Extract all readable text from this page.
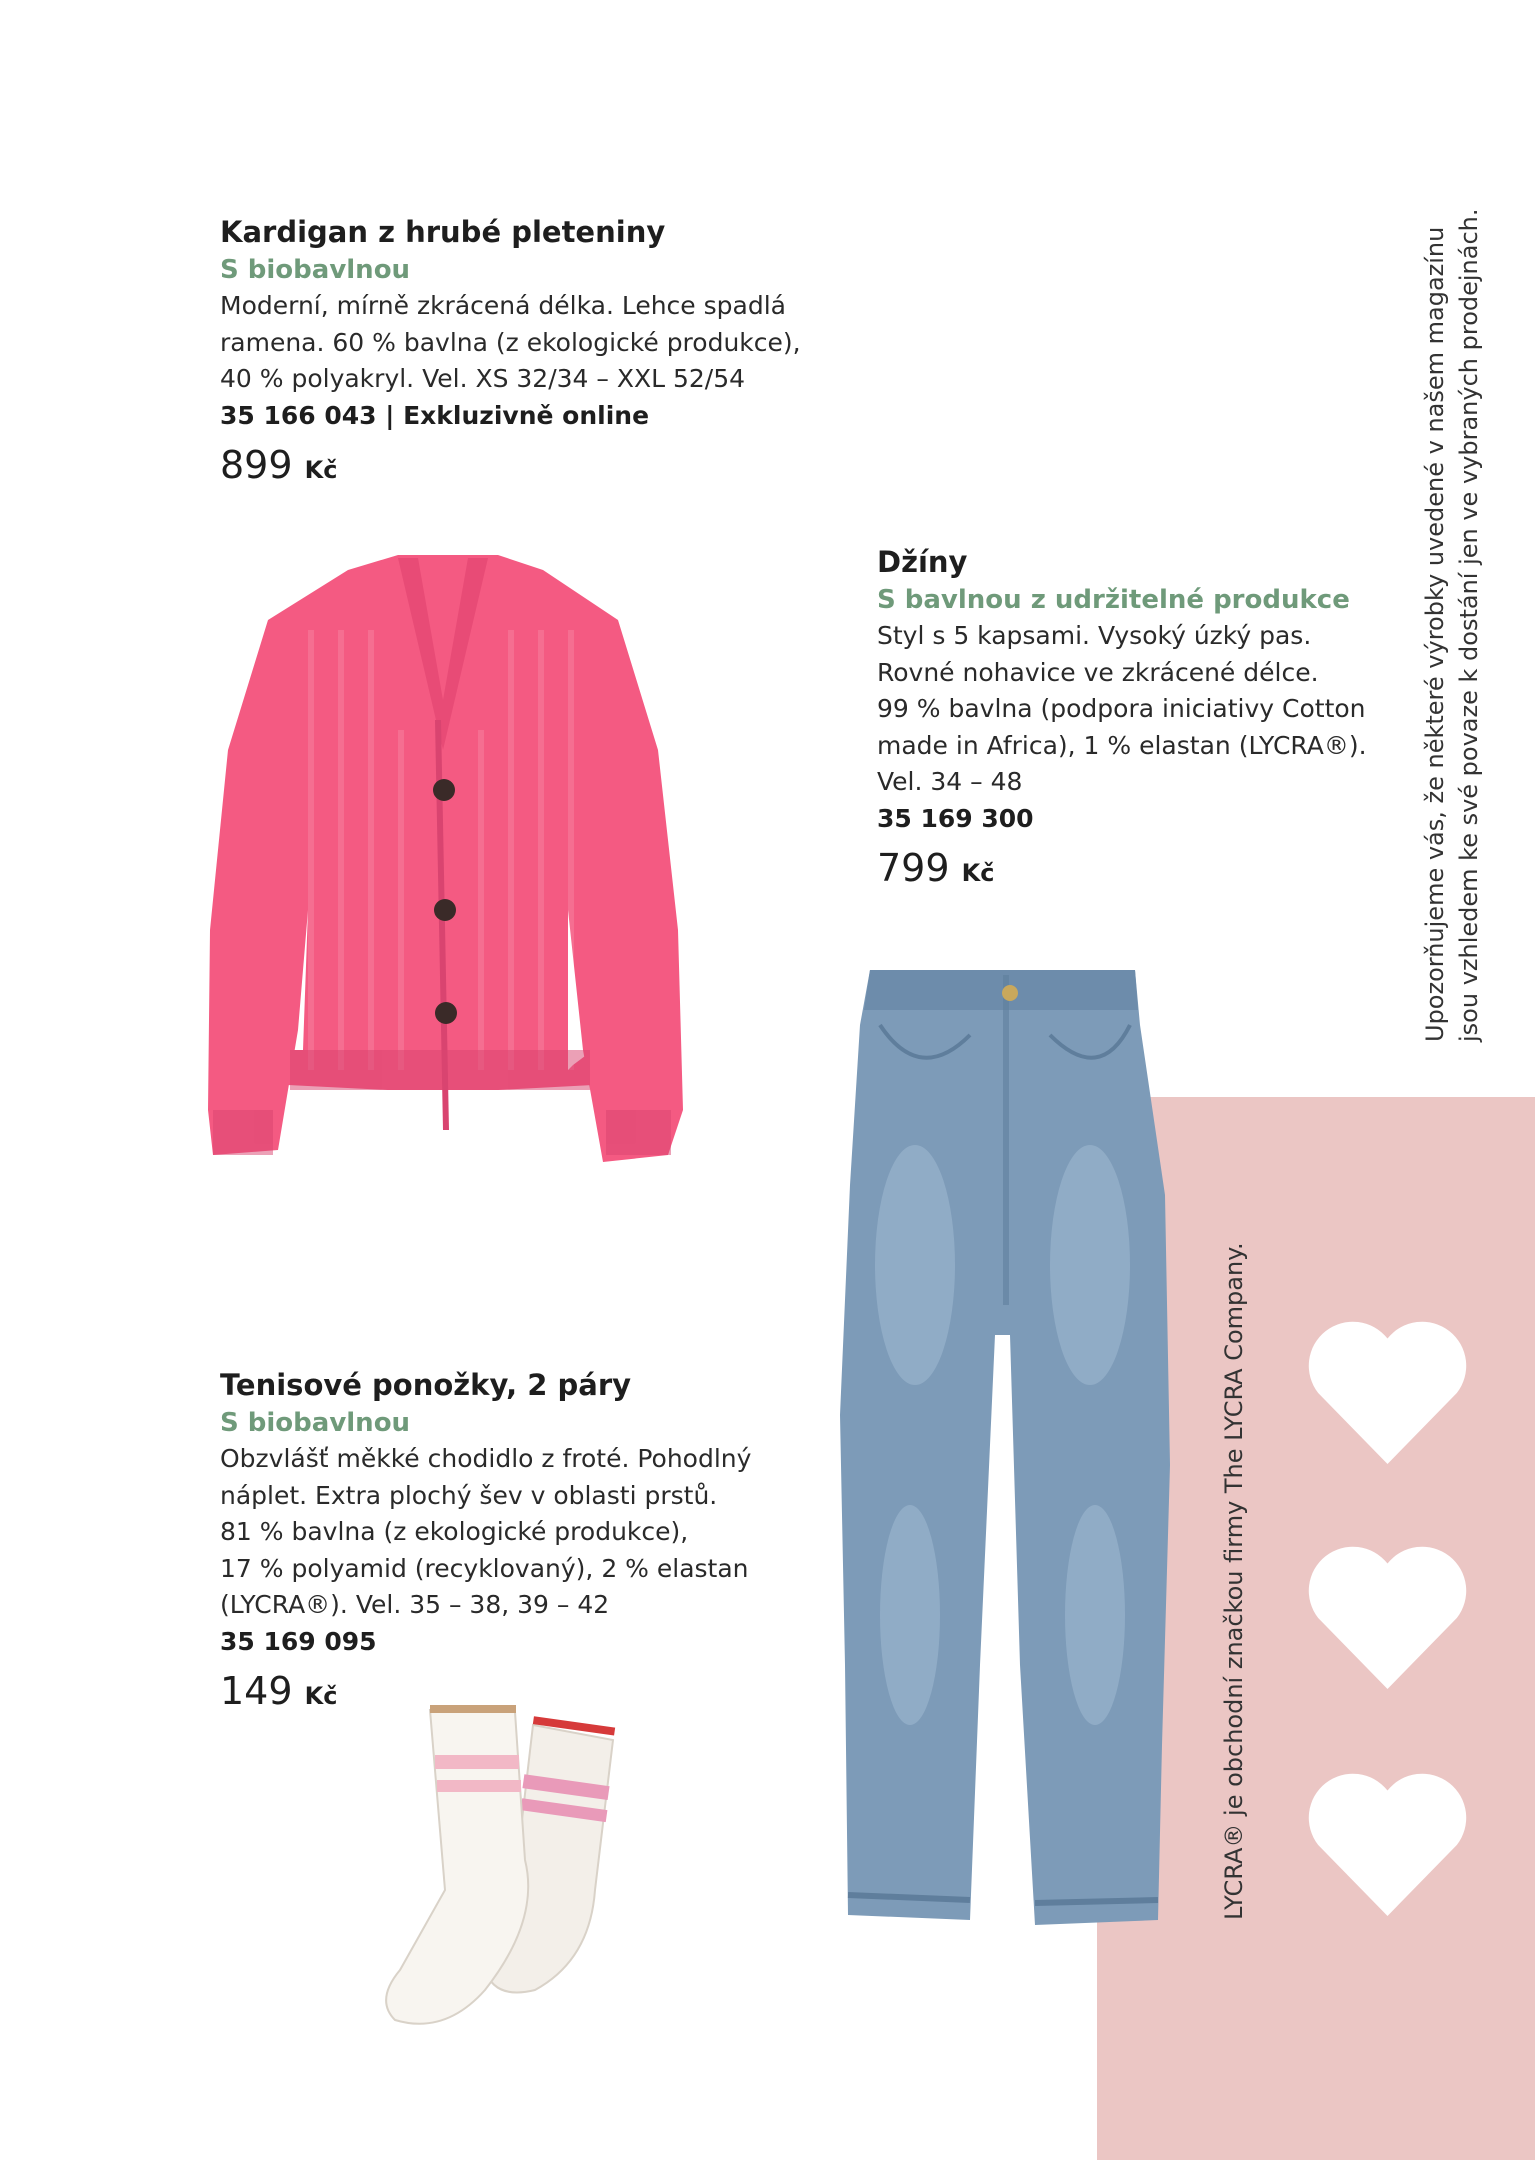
Kardigan z hrubé pleteniny
S biobavlnou
Moderní, mírně zkrácená délka. Lehce spadlá
ramena. 60 % bavlna (z ekologické produkce),
40 % polyakryl. Vel. XS 32/34 – XXL 52/54
35 166 043 | Exkluzivně online
899 Kč
Džíny
S bavlnou z udržitelné produkce
Styl s 5 kapsami. Vysoký úzký pas.
Rovné nohavice ve zkrácené délce.
99 % bavlna (podpora iniciativy Cotton
made in Africa), 1 % elastan (LYCRA®).
Vel. 34 – 48
35 169 300
799 Kč
Tenisové ponožky, 2 páry
S biobavlnou
Obzvlášť měkké chodidlo z froté. Pohodlný
náplet. Extra plochý šev v oblasti prstů.
81 % bavlna (z ekologické produkce),
17 % polyamid (recyklovaný), 2 % elastan
(LYCRA®). Vel. 35 – 38, 39 – 42
35 169 095
149 Kč	LYCRA® je obchodní značkou firmy The LYCRA Company.
Upozorňujeme vás, že některé výrobky uvedené v našem magazínu jsou vzhledem ke své povaze k dostání jen ve vybraných prodejnách.
